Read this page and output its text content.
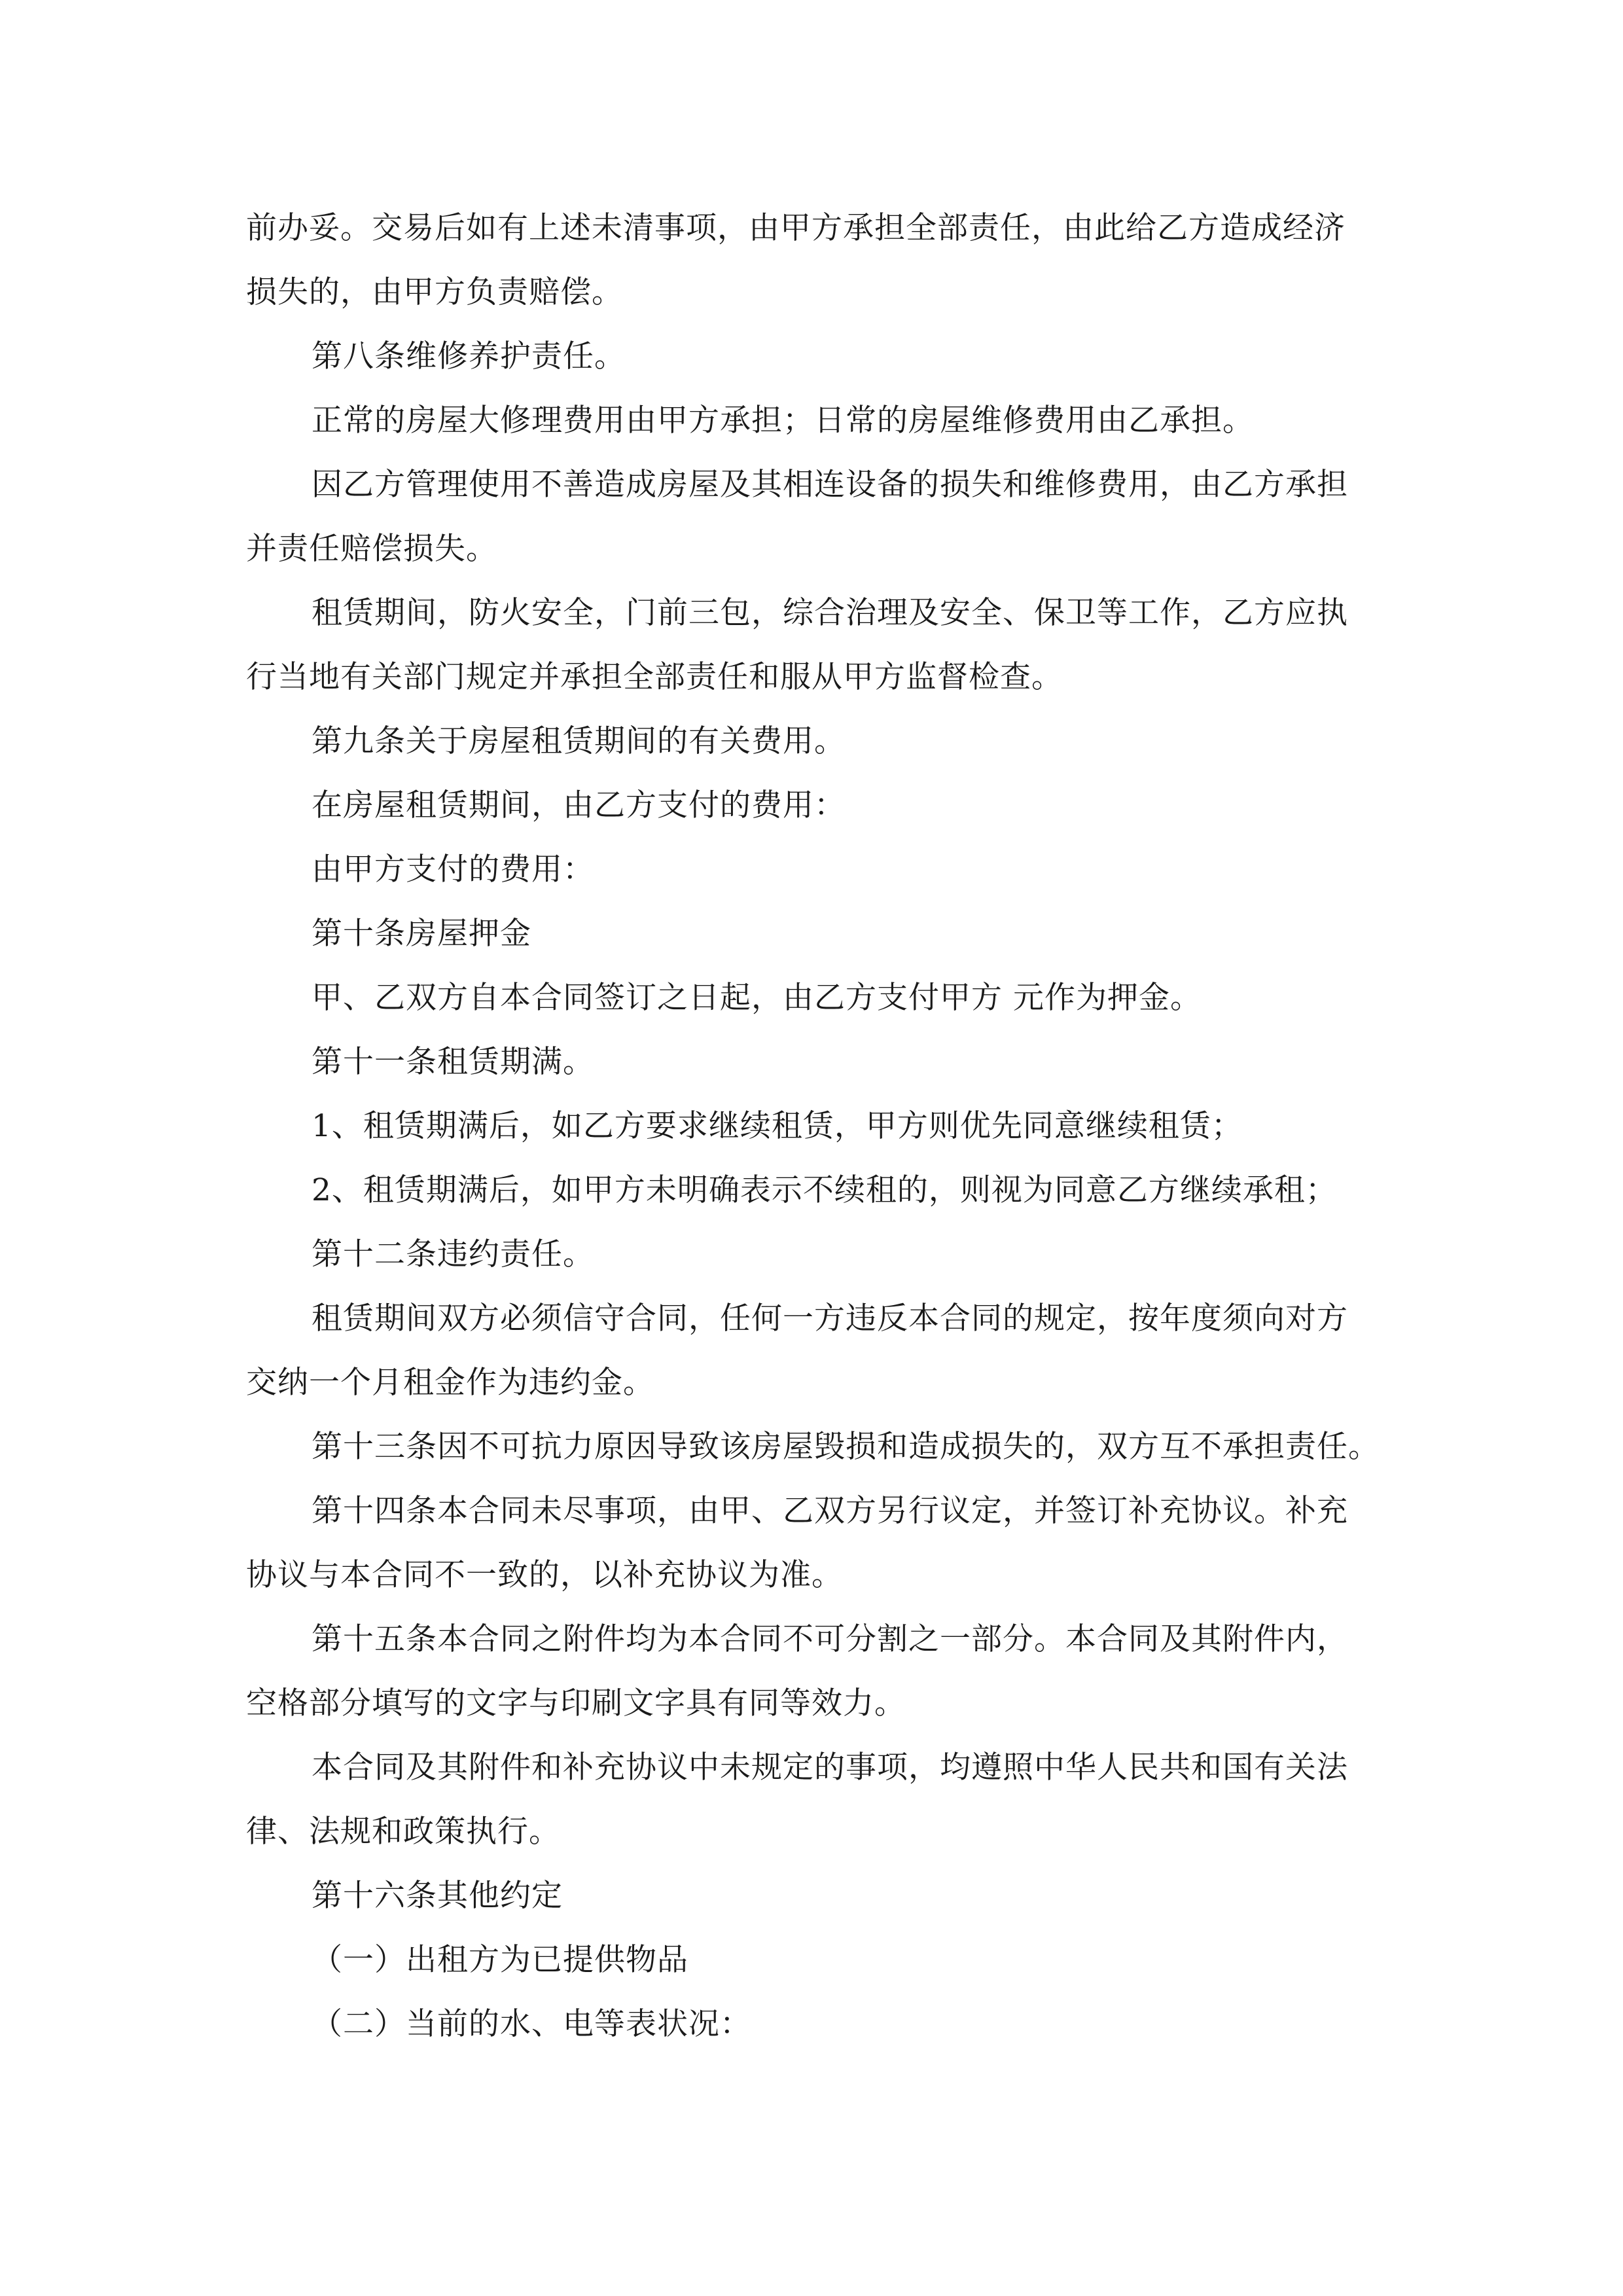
前办妥。交易后如有上述未清事项，由甲方承担全部责任，由此给乙方造成经济
损失的，由甲方负责赔偿。
第八条维修养护责任。
正常的房屋大修理费用由甲方承担；日常的房屋维修费用由乙承担。
因乙方管理使用不善造成房屋及其相连设备的损失和维修费用，由乙方承担
并责任赔偿损失。
租赁期间，防火安全，门前三包，综合治理及安全、保卫等工作，乙方应执
行当地有关部门规定并承担全部责任和服从甲方监督检查。
第九条关于房屋租赁期间的有关费用。
在房屋租赁期间，由乙方支付的费用：
由甲方支付的费用：
第十条房屋押金
甲、乙双方自本合同签订之日起，由乙方支付甲方 元作为押金。
第十一条租赁期满。
1、租赁期满后，如乙方要求继续租赁，甲方则优先同意继续租赁；
2、租赁期满后，如甲方未明确表示不续租的，则视为同意乙方继续承租；
第十二条违约责任。
租赁期间双方必须信守合同，任何一方违反本合同的规定，按年度须向对方
交纳一个月租金作为违约金。
第十三条因不可抗力原因导致该房屋毁损和造成损失的，双方互不承担责任。
第十四条本合同未尽事项，由甲、乙双方另行议定，并签订补充协议。补充
协议与本合同不一致的，以补充协议为准。
第十五条本合同之附件均为本合同不可分割之一部分。本合同及其附件内，
空格部分填写的文字与印刷文字具有同等效力。
本合同及其附件和补充协议中未规定的事项，均遵照中华人民共和国有关法
律、法规和政策执行。
第十六条其他约定
（一）出租方为已提供物品
（二）当前的水、电等表状况：
